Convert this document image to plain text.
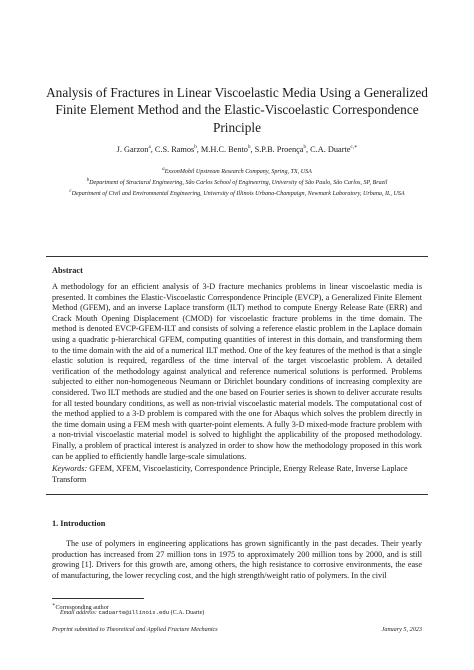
Analysis of Fractures in Linear Viscoelastic Media Using a Generalized Finite Element Method and the Elastic-Viscoelastic Correspondence Principle
J. Garzon$^a$, C.S. Ramos$^b$, M.H.C. Bento$^b$, S.P.B. Proença$^b$, C.A. Duarte$^{c,∗}$
$^a$ExxonMobil Upstream Research Company, Spring, TX, USA
$^b$Department of Structural Engineering, São Carlos School of Engineering, University of São Paulo, São Carlos, SP, Brazil
$^c$Department of Civil and Environmental Engineering, University of Illinois Urbana-Champaign, Newmark Laboratory, Urbana, IL, USA
Abstract
A methodology for an efficient analysis of 3-D fracture mechanics problems in linear viscoelastic media is presented. It combines the Elastic-Viscoelastic Correspondence Principle (EVCP), a Generalized Finite Element Method (GFEM), and an inverse Laplace transform (ILT) method to compute Energy Release Rate (ERR) and Crack Mouth Opening Displacement (CMOD) for viscoelastic fracture problems in the time domain. The method is denoted EVCP-GFEM-ILT and consists of solving a reference elastic problem in the Laplace domain using a quadratic p-hierarchical GFEM, computing quantities of interest in this domain, and transforming them to the time domain with the aid of a numerical ILT method. One of the key features of the method is that a single elastic solution is required, regardless of the time interval of the target viscoelastic problem. A detailed verification of the methodology against analytical and reference numerical solutions is performed. Problems subjected to either non-homogeneous Neumann or Dirichlet boundary conditions of increasing complexity are considered. Two ILT methods are studied and the one based on Fourier series is shown to deliver accurate results for all tested boundary conditions, as well as non-trivial viscoelastic material models. The computational cost of the method applied to a 3-D problem is compared with the one for Abaqus which solves the problem directly in the time domain using a FEM mesh with quarter-point elements. A fully 3-D mixed-mode fracture problem with a non-trivial viscoelastic material model is solved to highlight the applicability of the proposed methodology. Finally, a problem of practical interest is analyzed in order to show how the methodology proposed in this work can be applied to efficiently handle large-scale simulations.
Keywords: GFEM, XFEM, Viscoelasticity, Correspondence Principle, Energy Release Rate, Inverse Laplace Transform
1. Introduction
The use of polymers in engineering applications has grown significantly in the past decades. Their yearly production has increased from 27 million tons in 1975 to approximately 200 million tons by 2000, and is still growing [1]. Drivers for this growth are, among others, the high resistance to corrosive environments, the ease of manufacturing, the lower recycling cost, and the high strength/weight ratio of polymers. In the civil
∗Corresponding author
Email address: caduarte@illinois.edu (C.A. Duarte)
Preprint submitted to Theoretical and Applied Fracture Mechanics	January 5, 2023
